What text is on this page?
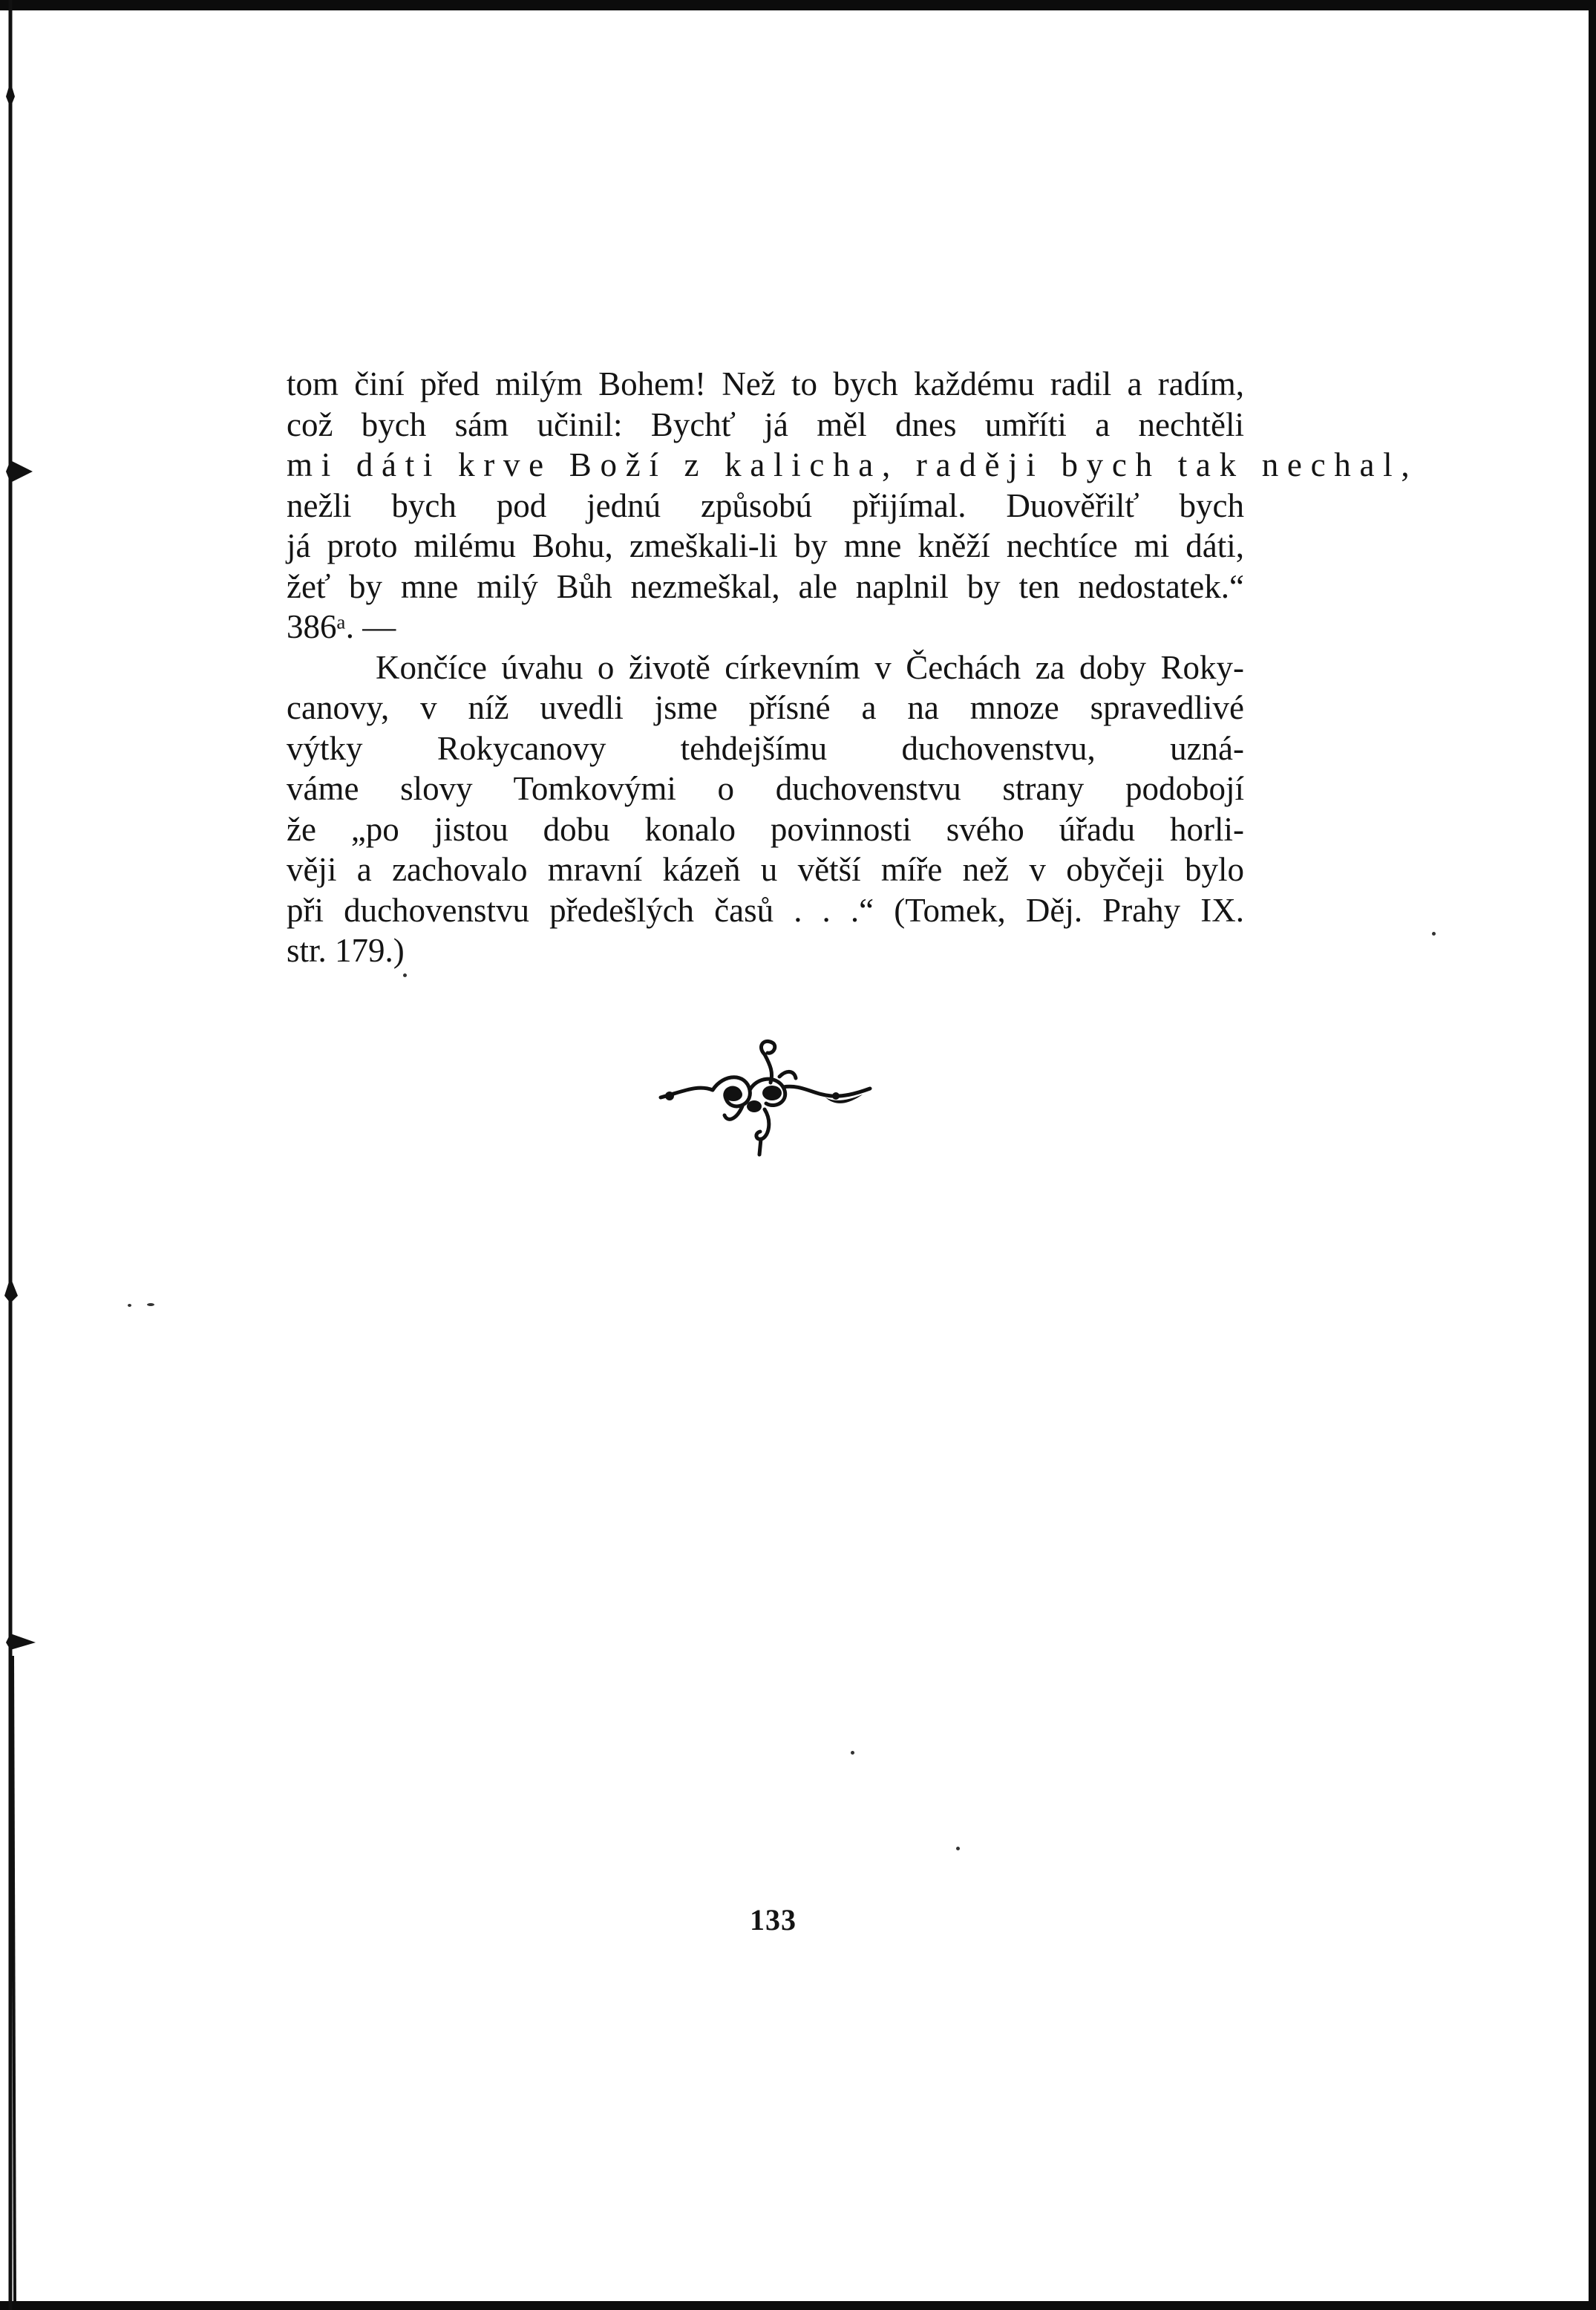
tom činí před milým Bohem! Než to bych každému radil a radím,
což bych sám učinil: Bychť já měl dnes umříti a nechtěli
mi dáti krve Boží z kalicha, raději bych tak nechal,
nežli bych pod jednú způsobú přijímal. Duověřilť bych
já proto milému Bohu, zmeškali-li by mne kněží nechtíce mi dáti,
žeť by mne milý Bůh nezmeškal, ale naplnil by ten nedostatek.“
386ᵃ. —
Končíce úvahu o životě církevním v Čechách za doby Roky-
canovy, v níž uvedli jsme přísné a na mnoze spravedlivé
výtky Rokycanovy tehdejšímu duchovenstvu, uzná-
váme slovy Tomkovými o duchovenstvu strany podobojí
že „po jistou dobu konalo povinnosti svého úřadu horli-
věji a zachovalo mravní kázeň u větší míře než v obyčeji bylo
při duchovenstvu předešlých časů . . .“ (Tomek, Děj. Prahy IX.
str. 179.)
133
